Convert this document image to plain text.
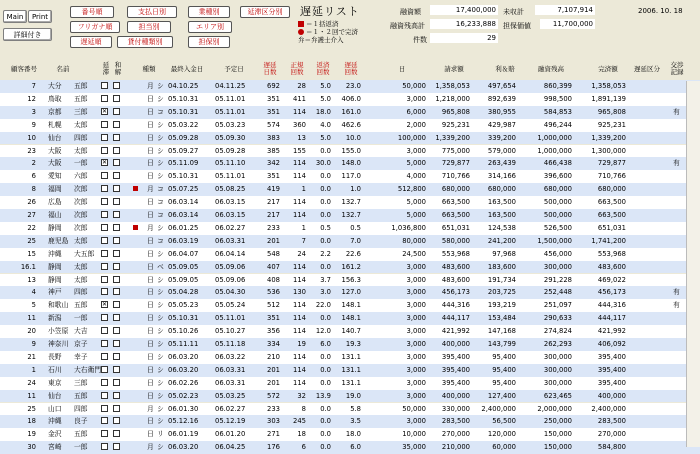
Main	Print
詳細付き
番号順	支払日別	業種別	延滞区分別
フリガナ順	担当別	エリア別
遅延順	貸付種類別	担保別
遅延リスト
＝１括返済
＝１・２回で完済
弁＝弁護士介入
融資額	17,400,000 未収計	7,107,914	2006. 10. 18
融資残高計	16,233,888 担保価値	11,700,000
件数	29
顧客番号	名前	延滞
和解	種類	最終入金日	予定日	遅延日数
正規回数
返済回数
遅延回数	日	請求額	利＆賠	融資残高	完済額	遅延区分	交渉記録
7 大分	五郎	月 シ 04.10.25	04.11.25	692	28	5.0	23.0	50,000	1,358,053	497,654	860,399	1,358,053
12 鳥取	五郎	日 シ 05.10.31	05.11.01	351	411	5.0	406.0	3,000	1,218,000	892,639	998,500	1,891,139
3 京都	三郎	日 コ 05.10.31	05.11.01	351	114	18.0	161.0	6,000	965,808	380,955	584,853	965,808	有
✕
9 札幌	太郎	日 シ 05.03.22	05.03.23	574	360	4.0	462.6	2,000	925,231	429,987	496,244	925,231
10 仙台	四郎	日 シ 05.09.28	05.09.30	383	13	5.0	10.0	100,000	1,339,200	339,200	1,000,000	1,339,200
23 大阪	太郎	日 シ 05.09.27	05.09.28	385	155	0.0	155.0	3,000	775,000	579,000	1,000,000	1,300,000
2 大阪	一郎	日 シ 05.11.09	05.11.10	342	114	30.0	148.0	5,000	729,877	263,439	466,438	729,877	有
✕
6 愛知	六郎	日 シ 05.10.31	05.11.01	351	114	0.0	117.0	4,000	710,766	314,166	396,600	710,766
8 福岡	次郎	月 コ 05.07.25	05.08.25	419	1	0.0	1.0	512,800	680,000	680,000	680,000	680,000
26 広島	次郎	日 コ 06.03.14	06.03.15	217	114	0.0	132.7	5,000	663,500	163,500	500,000	663,500
27 福山	次郎	日 コ 06.03.14	06.03.15	217	114	0.0	132.7	5,000	663,500	163,500	500,000	663,500
22 静岡	次郎	月 シ 06.01.25	06.02.27	233	1	0.5	0.5	1,036,800	651,031	124,538	526,500	651,031
25 鹿児島 太郎	日 コ 06.03.19	06.03.31	201	7	0.0	7.0	80,000	580,000	241,200	1,500,000	1,741,200
15 沖縄	大五郎	日 シ 06.04.07	06.04.14	548	24	2.2	22.6	24,500	553,968	97,968	456,000	553,968
16.1 静岡	太郎	日 ベ 05.09.05	05.09.06	407	114	0.0	161.2	3,000	483,600	183,600	300,000	483,600
13 静岡	太郎	日 シ 05.09.05	05.09.06	408	114	3.7	156.3	3,000	483,600	191,734	291,228	469,022
4 神戸	四郎	日 シ 05.04.28	05.04.30	536	130	3.0	127.0	3,000	456,173	203,725	252,448	456,173	有
5 和歌山 五郎	日 シ 05.05.23	05.05.24	512	114	22.0	148.1	3,000	444,316	193,219	251,097	444,316	有
✕
11 新潟	一郎	日 シ 05.10.31	05.11.01	351	114	0.0	148.1	3,000	444,117	153,484	290,633	444,117
20 小笠原 大吉	日 シ 05.10.26	05.10.27	356	114	12.0	140.7	3,000	421,992	147,168	274,824	421,992
9 神奈川 京子	日 シ 05.11.11	05.11.18	334	19	6.0	19.3	3,000	400,000	143,799	262,293	406,092
21 長野	幸子	日 シ 06.03.20	06.03.22	210	114	0.0	131.1	3,000	395,400	95,400	300,000	395,400
1 石川	大右衛門	日 シ 06.03.20	06.03.31	201	114	0.0	131.1	3,000	395,400	95,400	300,000	395,400
24 東京	三郎	日 シ 06.02.26	06.03.31	201	114	0.0	131.1	3,000	395,400	95,400	300,000	395,400
11 仙台	五郎	日 シ 05.02.23	05.03.25	572	32	13.9	19.0	3,000	400,000	127,400	623,465	400,000
25 山口	四郎	月 シ 06.01.30	06.02.27	233	8	0.0	5.8	50,000	330,000	2,400,000	2,000,000	2,400,000
18 沖縄	良子	日 シ 05.12.16	05.12.19	303	245	0.0	3.5	3,000	283,500	56,500	250,000	283,500
19 金沢	五郎	日 リ 06.01.19	06.01.20	271	18	0.0	18.0	10,000	270,000	120,000	150,000	270,000
30 宮崎	一郎	月 シ 06.03.20	06.04.25	176	6	0.0	6.0	35,000	210,000	60,000	150,000	584,800
